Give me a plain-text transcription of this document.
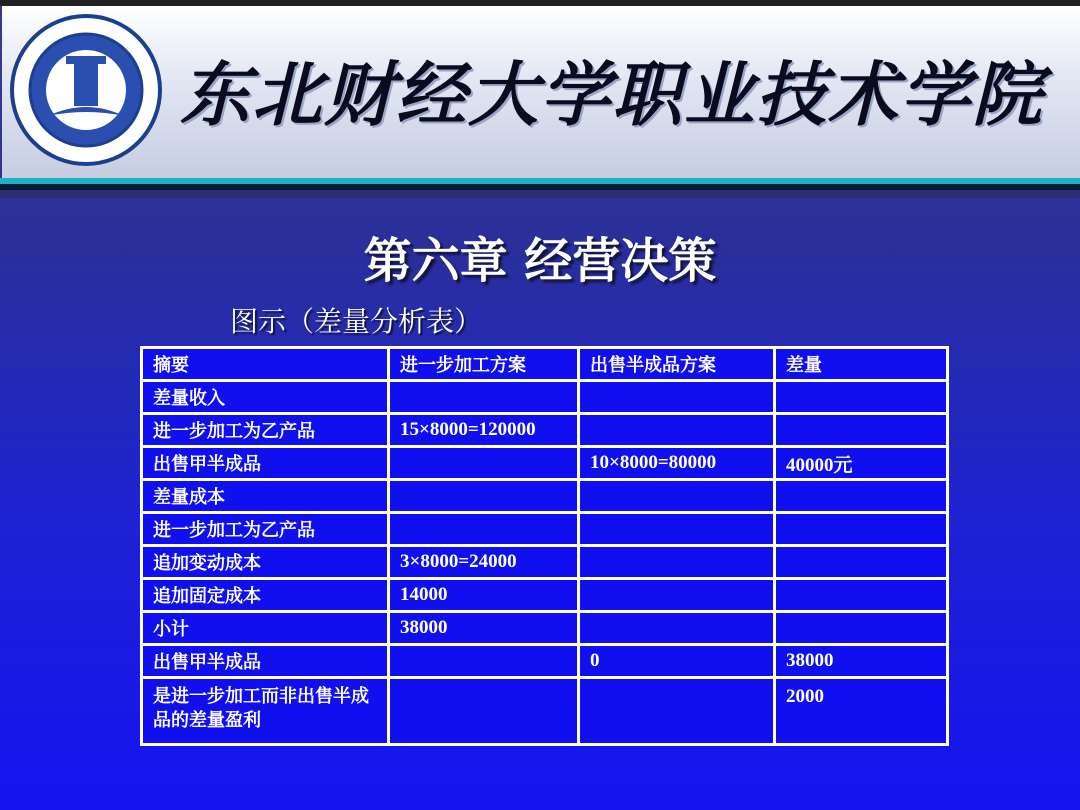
东北财经大学职业技术学院
第六章 经营决策
图示（差量分析表）
摘要	进一步加工方案	出售半成品方案	差量
差量收入			
进一步加工为乙产品	15×8000=120000		
出售甲半成品		10×8000=80000	40000元
差量成本			
进一步加工为乙产品			
追加变动成本	3×8000=24000		
追加固定成本	14000		
小计	38000		
出售甲半成品		0	38000
是进一步加工而非出售半成品的差量盈利			2000
